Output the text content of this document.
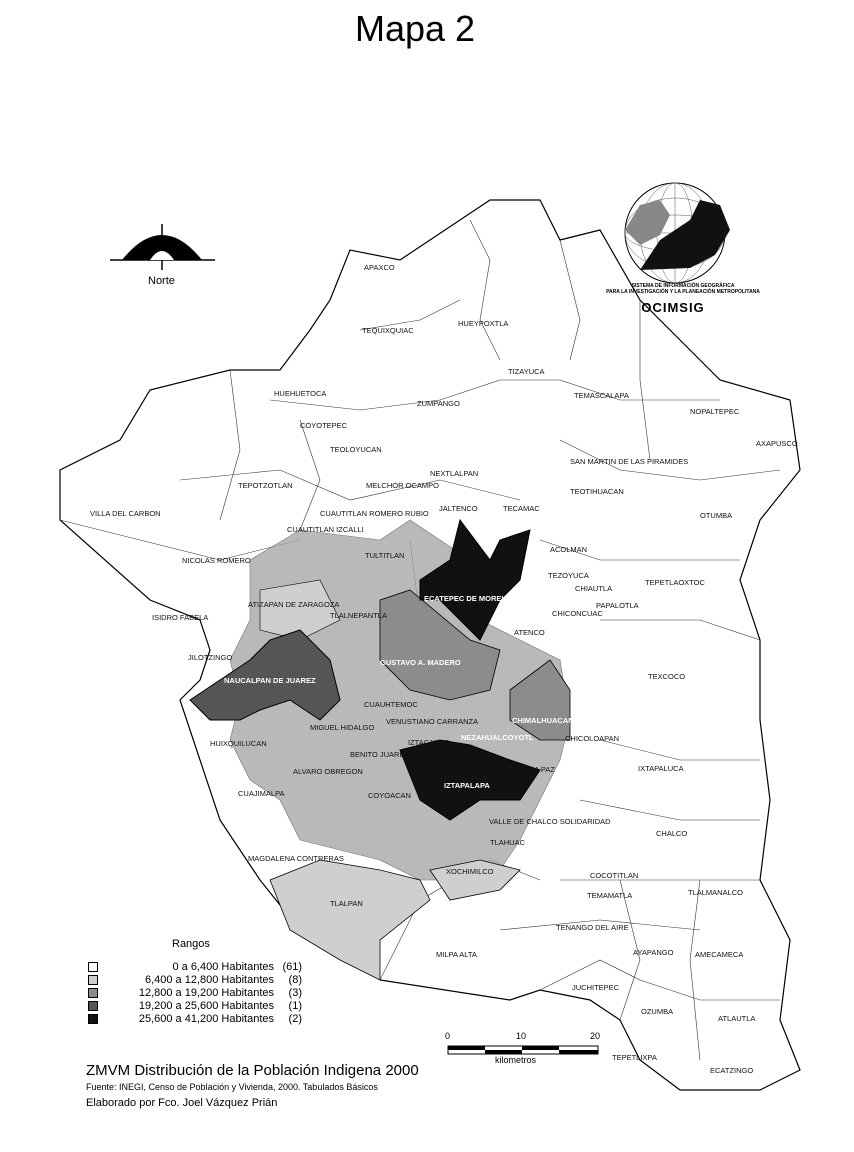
Mapa 2
APAXCO
TEQUIXQUIAC
HUEYPOXTLA
TIZAYUCA
HUEHUETOCA
ZUMPANGO
TEMASCALAPA
NOPALTEPEC
COYOTEPEC
TEOLOYUCAN
AXAPUSCO
SAN MARTIN DE LAS PIRAMIDES
NEXTLALPAN
TEPOTZOTLAN	MELCHOR OCAMPO
TEOTIHUACAN
CUAUTITLAN ROMERO RUBIO
JALTENCO	TECAMAC
VILLA DEL CARBON	OTUMBA
CUAUTITLAN IZCALLI
TULTITLAN
ACOLMAN
NICOLAS ROMERO
TEZOYUCA
TEPETLAOXTOC
ECATEPEC DE MORELOS
CHIAUTLA
PAPALOTLA
ATIZAPAN DE ZARAGOZA
TLALNEPANTLA	CHICONCUAC
ISIDRO FABELA
ATENCO
GUSTAVO A. MADERO
JILOTZINGO
NAUCALPAN DE JUAREZ	TEXCOCO
CUAUHTEMOC
VENUSTIANO CARRANZA	CHIMALHUACAN
MIGUEL HIDALGO
HUIXQUILUCAN
NEZAHUALCOYOTL	CHICOLOAPAN
IZTACALCO
BENITO JUAREZ
IXTAPALUCA
ALVARO OBREGON	LA PAZ
IZTAPALAPA
CUAJIMALPA	COYOACAN
VALLE DE CHALCO SOLIDARIDAD
CHALCO
TLAHUAC
MAGDALENA CONTRERAS
XOCHIMILCO	COCOTITLAN
TLALMANALCO
TEMAMATLA
TLALPAN
TENANGO DEL AIRE
AYAPANGO	AMECAMECA
MILPA ALTA
JUCHITEPEC
OZUMBA
ATLAUTLA
TEPETLIXPA
ECATZINGO
Norte	SISTEMA DE INFORMACIÓN GEOGRÁFICA
PARA LA INVESTIGACIÓN Y LA PLANEACIÓN METROPOLITANA
OCIMSIG
Rangos
0 a 6,400 Habitantes (61)
6,400 a 12,800 Habitantes	(8)
12,800 a 19,200 Habitantes	(3)
19,200 a 25,600 Habitantes	(1)
25,600 a 41,200 Habitantes	(2)
0	10	20
kilometros
ZMVM Distribución de la Población Indigena 2000
Fuente: INEGI, Censo de Población y Vivienda, 2000. Tabulados Básicos
Elaborado por Fco. Joel Vázquez Prián
